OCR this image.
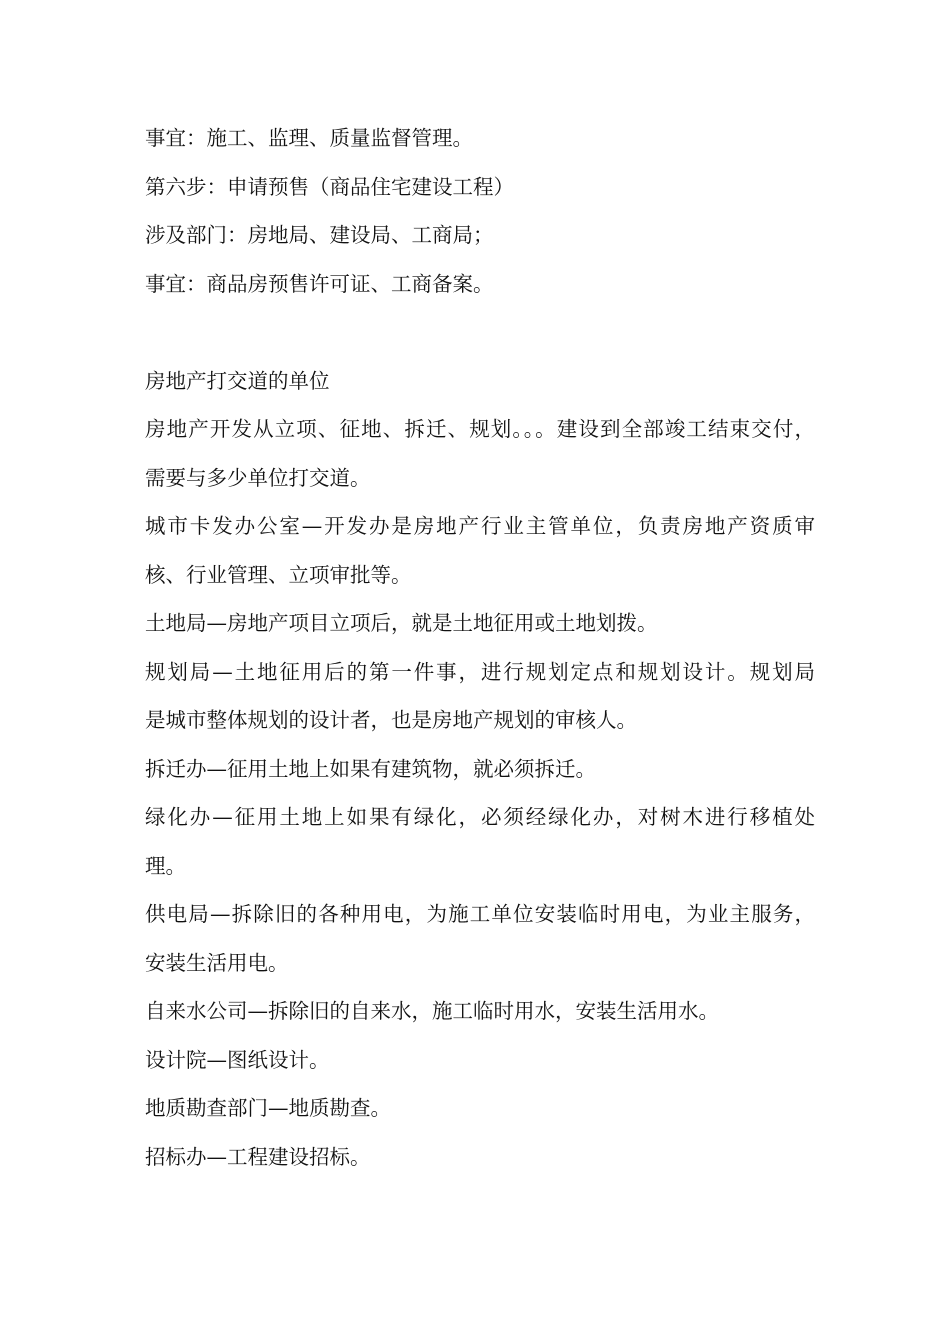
事宜：施工、监理、质量监督管理。
第六步：申请预售（商品住宅建设工程）
涉及部门：房地局、建设局、工商局；
事宜：商品房预售许可证、工商备案。
房地产打交道的单位
房地产开发从立项、征地、拆迁、规划。。。建设到全部竣工结束交付，
需要与多少单位打交道。
城市卡发办公室—开发办是房地产行业主管单位，负责房地产资质审
核、行业管理、立项审批等。
土地局—房地产项目立项后，就是土地征用或土地划拨。
规划局—土地征用后的第一件事，进行规划定点和规划设计。规划局
是城市整体规划的设计者，也是房地产规划的审核人。
拆迁办—征用土地上如果有建筑物，就必须拆迁。
绿化办—征用土地上如果有绿化，必须经绿化办，对树木进行移植处
理。
供电局—拆除旧的各种用电，为施工单位安装临时用电，为业主服务，
安装生活用电。
自来水公司—拆除旧的自来水，施工临时用水，安装生活用水。
设计院—图纸设计。
地质勘查部门—地质勘查。
招标办—工程建设招标。
